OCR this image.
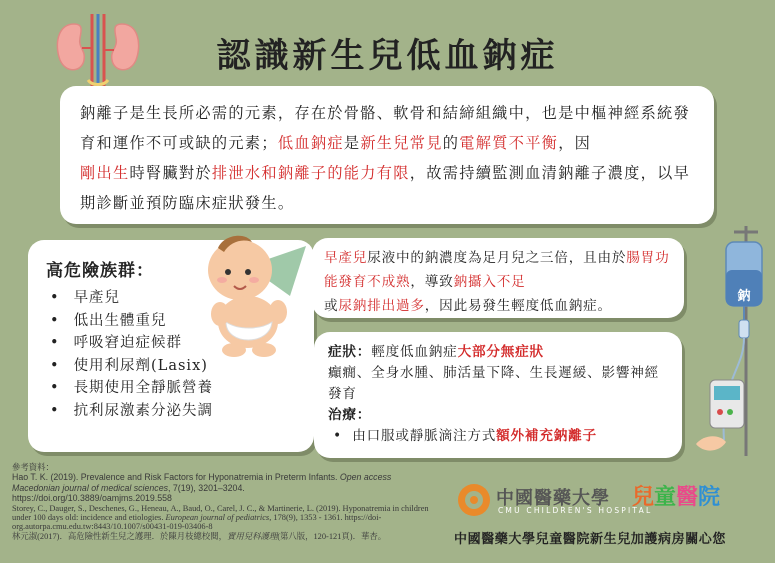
認識新生兒低血鈉症

鈉離子是生長所必需的元素，存在於骨骼、軟骨和結締組織中，也是中樞神經系統發育和運作不可或缺的元素；低血鈉症是新生兒常見的電解質不平衡，因
剛出生時腎臟對於排泄水和鈉離子的能力有限，故需持續監測血清鈉離子濃度，以早期診斷並預防臨床症狀發生。

高危險族群：
• 早產兒
• 低出生體重兒
• 呼吸窘迫症候群
• 使用利尿劑(Lasix)
• 長期使用全靜脈營養
• 抗利尿激素分泌失調

早產兒尿液中的鈉濃度為足月兒之三倍，且由於腸胃功能發育不成熟，導致鈉攝入不足
或尿鈉排出過多，因此易發生輕度低血鈉症。

症狀：輕度低血鈉症大部分無症狀
癲癇、全身水腫、肺活量下降、生長遲緩、影響神經發育

治療：

• 由口服或靜脈滴注方式額外補充鈉離子

鈉
參考資料：
Hao T. K. (2019). Prevalence and Risk Factors for Hyponatremia in Preterm Infants. Open access Macedonian journal of medical sciences, 7(19), 3201–3204.
https://doi.org/10.3889/oamjms.2019.558
Storey, C., Dauger, S., Deschenes, G., Heneau, A., Baud, O., Carel, J. C., & Martinerie, L. (2019). Hyponatremia in children under 100 days old: incidence and etiologies. European journal of pediatrics, 178(9), 1353 - 1361. https://doi-org.autorpa.cmu.edu.tw:8443/10.1007/s00431-019-03406-8
林元淑(2017)．高危險性新生兒之護理．於陳月枝總校閱，實用兒科護理(第八版，120-121頁)．華杏。
中國醫藥大學
CMU CHILDREN'S HOSPITAL
兒童醫院
中國醫藥大學兒童醫院新生兒加護病房關心您
